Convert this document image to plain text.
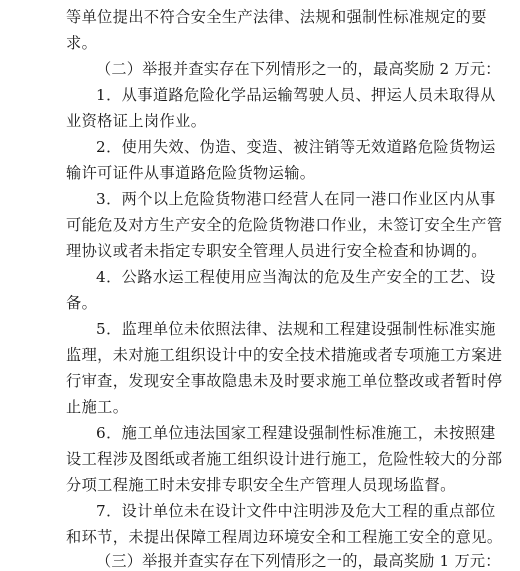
等单位提出不符合安全生产法律、法规和强制性标准规定的要
求。
（二）举报并查实存在下列情形之一的，最高奖励 2 万元：
1．从事道路危险化学品运输驾驶人员、押运人员未取得从
业资格证上岗作业。
2．使用失效、伪造、变造、被注销等无效道路危险货物运
输许可证件从事道路危险货物运输。
3．两个以上危险货物港口经营人在同一港口作业区内从事
可能危及对方生产安全的危险货物港口作业，未签订安全生产管
理协议或者未指定专职安全管理人员进行安全检查和协调的。
4．公路水运工程使用应当淘汰的危及生产安全的工艺、设
备。
5．监理单位未依照法律、法规和工程建设强制性标准实施
监理，未对施工组织设计中的安全技术措施或者专项施工方案进
行审查，发现安全事故隐患未及时要求施工单位整改或者暂时停
止施工。
6．施工单位违法国家工程建设强制性标准施工，未按照建
设工程涉及图纸或者施工组织设计进行施工，危险性较大的分部
分项工程施工时未安排专职安全生产管理人员现场监督。
7．设计单位未在设计文件中注明涉及危大工程的重点部位
和环节，未提出保障工程周边环境安全和工程施工安全的意见。
（三）举报并查实存在下列情形之一的，最高奖励 1 万元：
